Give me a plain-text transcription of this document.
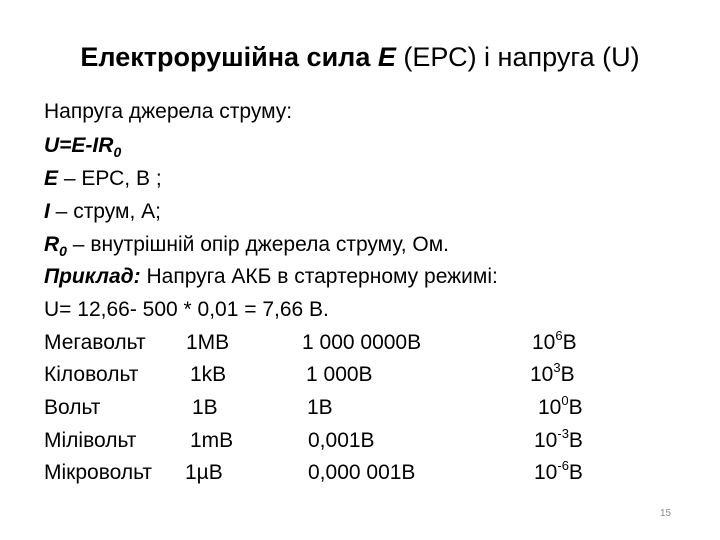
Електрорушійна сила E (ЕРС) і напруга (U)
Напруга джерела струму:
$U=E-IR_0$
E – ЕРС, В ;
I – струм, А;
$R_0$ – внутрішній опір джерела струму, Ом.
Приклад: Напруга АКБ в стартерному режимі:
U= 12,66- 500 * 0,01 = 7,66 В.
Мегавольт 1МВ	1 000 0000В	$10^6В$
Кіловольт 1kВ	1 000В	$10^3В$
Вольт	1В	1В	$10^0В$
Мілівольт	1mВ	0,001В	$10^{-3}В$
Мікровольт 1µВ	0,000 001В	$10^{-6}В$
15
